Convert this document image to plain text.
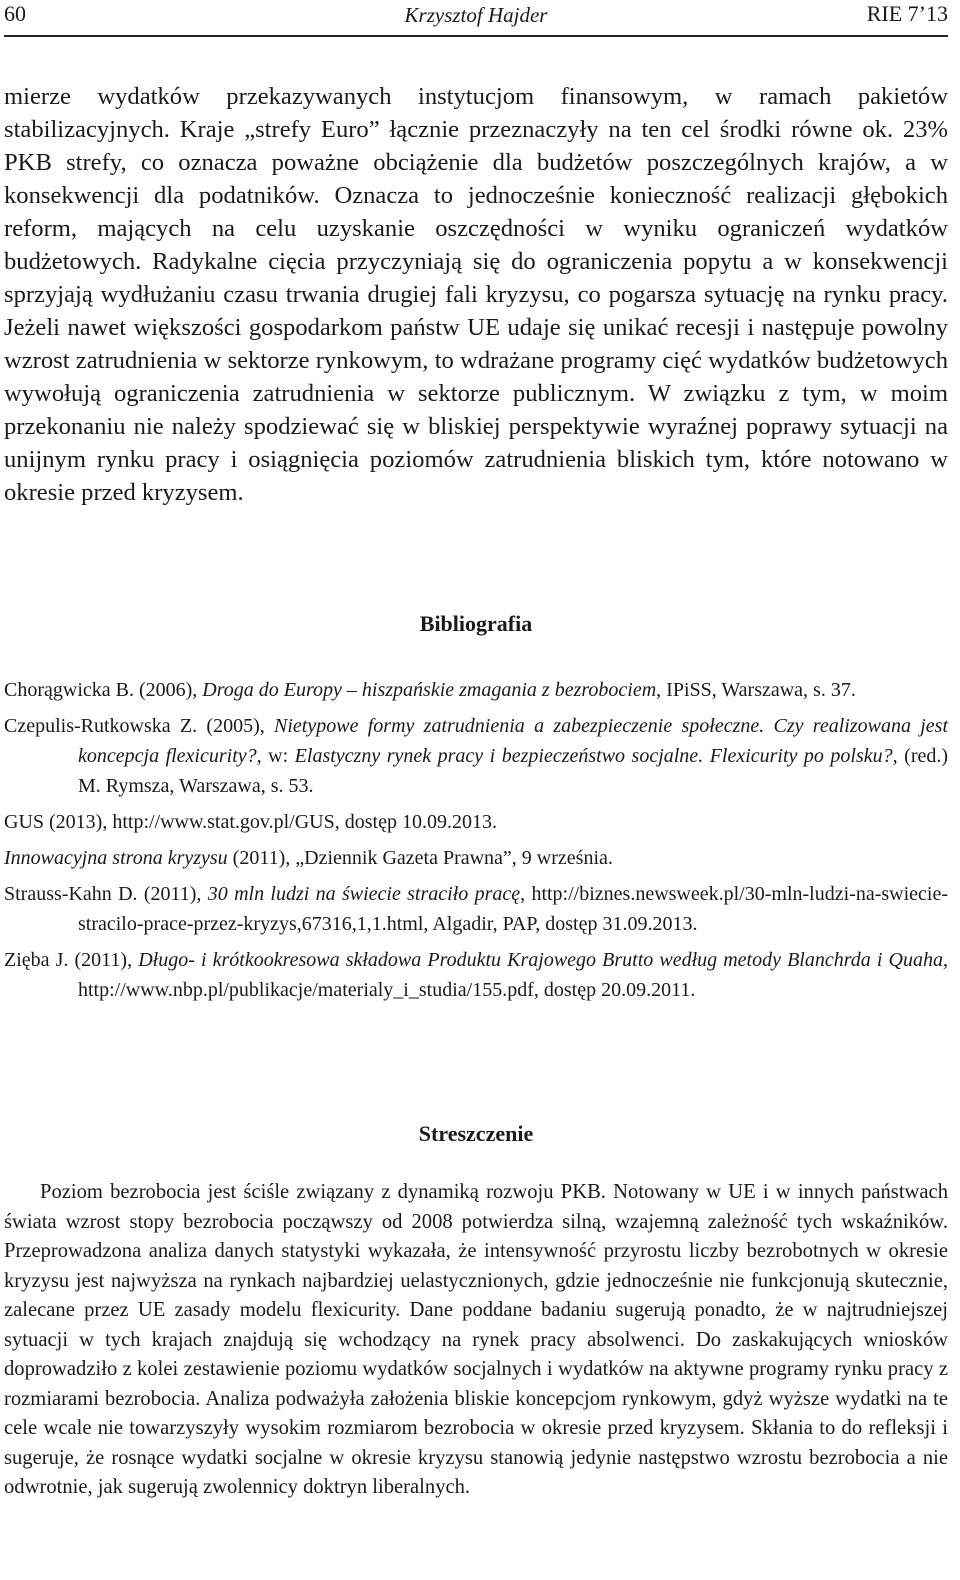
60	Krzysztof Hajder	RIE 7’13

mierze wydatków przekazywanych instytucjom finansowym, w ramach pakietów stabilizacyjnych. Kraje „strefy Euro” łącznie przeznaczyły na ten cel środki równe ok. 23% PKB strefy, co oznacza poważne obciążenie dla budżetów poszczególnych krajów, a w konsekwencji dla podatników. Oznacza to jednocześnie konieczność realizacji głębokich reform, mających na celu uzyskanie oszczędności w wyniku ograniczeń wydatków budżetowych. Radykalne cięcia przyczyniają się do ograniczenia popytu a w konsekwencji sprzyjają wydłużaniu czasu trwania drugiej fali kryzysu, co pogarsza sytuację na rynku pracy. Jeżeli nawet większości gospodarkom państw UE udaje się unikać recesji i następuje powolny wzrost zatrudnienia w sektorze rynkowym, to wdrażane programy cięć wydatków budżetowych wywołują ograniczenia zatrudnienia w sektorze publicznym. W związku z tym, w moim przekonaniu nie należy spodziewać się w bliskiej perspektywie wyraźnej poprawy sytuacji na unijnym rynku pracy i osiągnięcia poziomów zatrudnienia bliskich tym, które notowano w okresie przed kryzysem.

Bibliografia

Chorągwicka B. (2006), Droga do Europy – hiszpańskie zmagania z bezrobociem, IPiSS, Warszawa, s. 37.

Czepulis-Rutkowska Z. (2005), Nietypowe formy zatrudnienia a zabezpieczenie społeczne. Czy realizowana jest koncepcja flexicurity?, w: Elastyczny rynek pracy i bezpieczeństwo socjalne. Flexicurity po polsku?, (red.) M. Rymsza, Warszawa, s. 53.

GUS (2013), http://www.stat.gov.pl/GUS, dostęp 10.09.2013.

Innowacyjna strona kryzysu (2011), „Dziennik Gazeta Prawna”, 9 września.

Strauss-Kahn D. (2011), 30 mln ludzi na świecie straciło pracę, http://biznes.newsweek.pl/30-mln-ludzi-na-swiecie-stracilo-prace-przez-kryzys,67316,1,1.html, Algadir, PAP, dostęp 31.09.2013.

Zięba J. (2011), Długo- i krótkookresowa składowa Produktu Krajowego Brutto według metody Blanchrda i Quaha, http://www.nbp.pl/publikacje/materialy_i_studia/155.pdf, dostęp 20.09.2011.

Streszczenie

Poziom bezrobocia jest ściśle związany z dynamiką rozwoju PKB. Notowany w UE i w innych państwach świata wzrost stopy bezrobocia począwszy od 2008 potwierdza silną, wzajemną zależność tych wskaźników. Przeprowadzona analiza danych statystyki wykazała, że intensywność przyrostu liczby bezrobotnych w okresie kryzysu jest najwyższa na rynkach najbardziej uelastycznionych, gdzie jednocześnie nie funkcjonują skutecznie, zalecane przez UE zasady modelu flexicurity. Dane poddane badaniu sugerują ponadto, że w najtrudniejszej sytuacji w tych krajach znajdują się wchodzący na rynek pracy absolwenci. Do zaskakujących wniosków doprowadziło z kolei zestawienie poziomu wydatków socjalnych i wydatków na aktywne programy rynku pracy z rozmiarami bezrobocia. Analiza podważyła założenia bliskie koncepcjom rynkowym, gdyż wyższe wydatki na te cele wcale nie towarzyszyły wysokim rozmiarom bezrobocia w okresie przed kryzysem. Skłania to do refleksji i sugeruje, że rosnące wydatki socjalne w okresie kryzysu stanowią jedynie następstwo wzrostu bezrobocia a nie odwrotnie, jak sugerują zwolennicy doktryn liberalnych.
